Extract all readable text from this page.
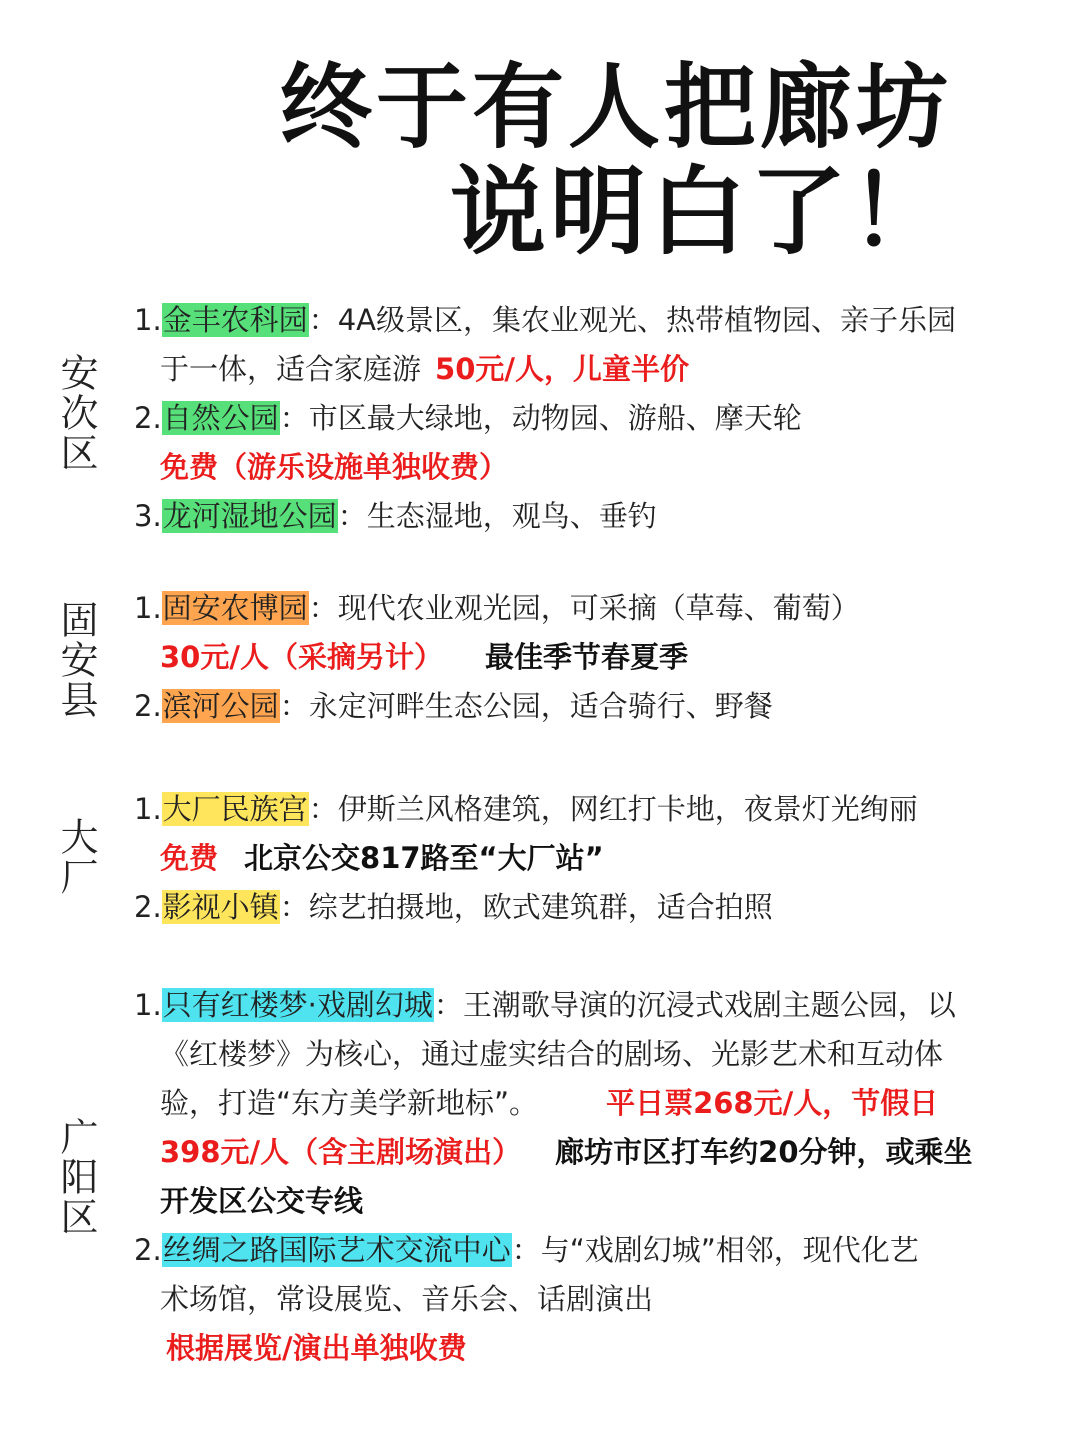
终于有人把廊坊
说明白了！
安次区
1.金丰农科园：4A级景区，集农业观光、热带植物园、亲子乐园
于一体，适合家庭游 50元/人，儿童半价
2.自然公园：市区最大绿地，动物园、游船、摩天轮
免费（游乐设施单独收费）
3.龙河湿地公园：生态湿地，观鸟、垂钓
固安县 1.固安农博园：现代农业观光园，可采摘（草莓、葡萄）
30元/人（采摘另计） 最佳季节春夏季
2.滨河公园：永定河畔生态公园，适合骑行、野餐
大厂
1.大厂民族宫：伊斯兰风格建筑，网红打卡地，夜景灯光绚丽
免费 北京公交817路至“大厂站”
2.影视小镇：综艺拍摄地，欧式建筑群，适合拍照
广阳区
1.只有红楼梦·戏剧幻城：王潮歌导演的沉浸式戏剧主题公园，以
《红楼梦》为核心，通过虚实结合的剧场、光影艺术和互动体
验，打造“东方美学新地标”。 平日票268元/人，节假日
398元/人（含主剧场演出） 廊坊市区打车约20分钟，或乘坐
开发区公交专线
2.丝绸之路国际艺术交流中心：与“戏剧幻城”相邻，现代化艺
术场馆，常设展览、音乐会、话剧演出
根据展览/演出单独收费
